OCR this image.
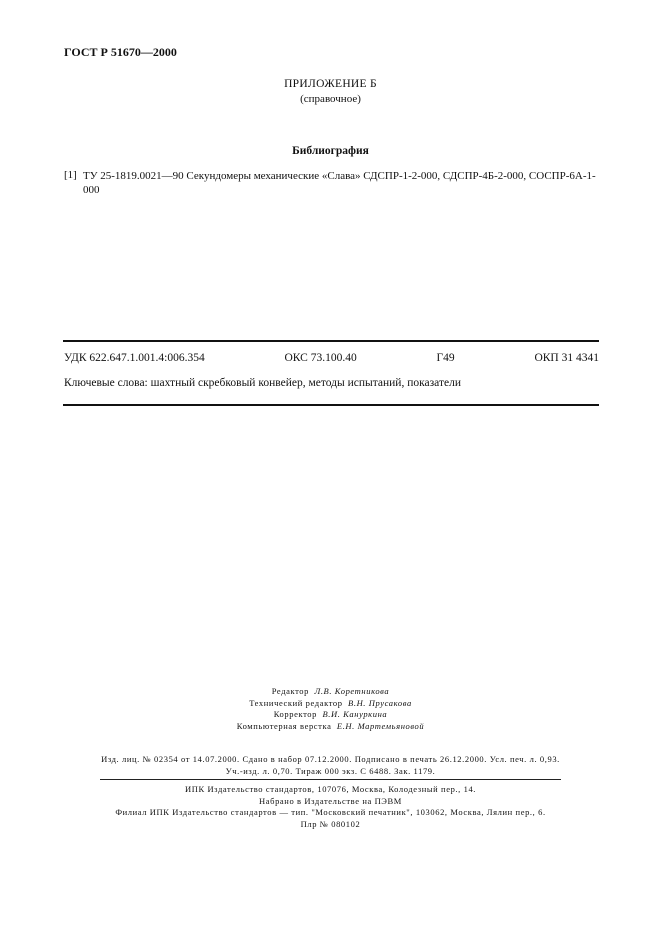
ГОСТ Р 51670—2000
ПРИЛОЖЕНИЕ Б
(справочное)
Библиография
[1] ТУ 25-1819.0021—90 Секундомеры механические «Слава» СДСПР-1-2-000, СДСПР-4Б-2-000, СОСПР-6А-1-000
УДК 622.647.1.001.4:006.354	ОКС 73.100.40	Г49	ОКП 31 4341
Ключевые слова: шахтный скребковый конвейер, методы испытаний, показатели
Редактор Л.В. Коретникова
Технический редактор В.Н. Прусакова
Корректор В.И. Кануркина
Компьютерная верстка Е.Н. Мартемьяновой
Изд. лиц. № 02354 от 14.07.2000. Сдано в набор 07.12.2000. Подписано в печать 26.12.2000. Усл. печ. л. 0,93.
Уч.-изд. л. 0,70. Тираж 000 экз. С 6488. Зак. 1179.
ИПК Издательство стандартов, 107076, Москва, Колодезный пер., 14.
Набрано в Издательстве на ПЭВМ
Филиал ИПК Издательство стандартов — тип. "Московский печатник", 103062, Москва, Лялин пер., 6.
Плр № 080102
